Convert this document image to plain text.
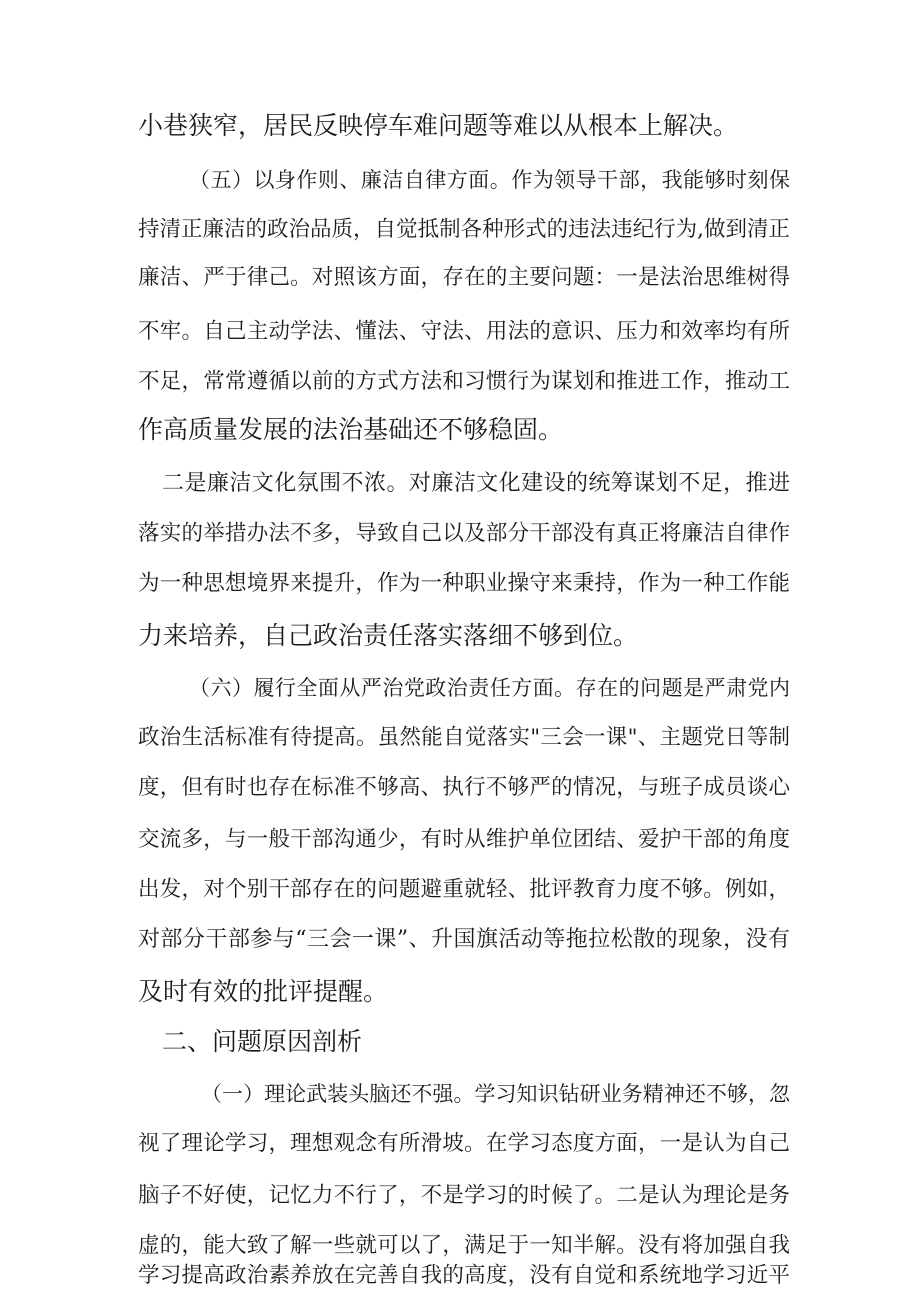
小巷狭窄，居民反映停车难问题等难以从根本上解决。
（五）以身作则、廉洁自律方面。作为领导干部，我能够时刻保
持清正廉洁的政治品质，自觉抵制各种形式的违法违纪行为,做到清正
廉洁、严于律己。对照该方面，存在的主要问题：一是法治思维树得
不牢。自己主动学法、懂法、守法、用法的意识、压力和效率均有所
不足，常常遵循以前的方式方法和习惯行为谋划和推进工作，推动工
作高质量发展的法治基础还不够稳固。
二是廉洁文化氛围不浓。对廉洁文化建设的统筹谋划不足，推进
落实的举措办法不多，导致自己以及部分干部没有真正将廉洁自律作
为一种思想境界来提升，作为一种职业操守来秉持，作为一种工作能
力来培养，自己政治责任落实落细不够到位。
（六）履行全面从严治党政治责任方面。存在的问题是严肃党内
政治生活标准有待提高。虽然能自觉落实"三会一课"、主题党日等制
度，但有时也存在标准不够高、执行不够严的情况，与班子成员谈心
交流多，与一般干部沟通少，有时从维护单位团结、爱护干部的角度
出发，对个别干部存在的问题避重就轻、批评教育力度不够。例如，
对部分干部参与“三会一课”、升国旗活动等拖拉松散的现象，没有
及时有效的批评提醒。
二、问题原因剖析
（一）理论武装头脑还不强。学习知识钻研业务精神还不够，忽
视了理论学习，理想观念有所滑坡。在学习态度方面，一是认为自己
脑子不好使，记忆力不行了，不是学习的时候了。二是认为理论是务
虚的，能大致了解一些就可以了，满足于一知半解。没有将加强自我
学习提高政治素养放在完善自我的高度，没有自觉和系统地学习近平
